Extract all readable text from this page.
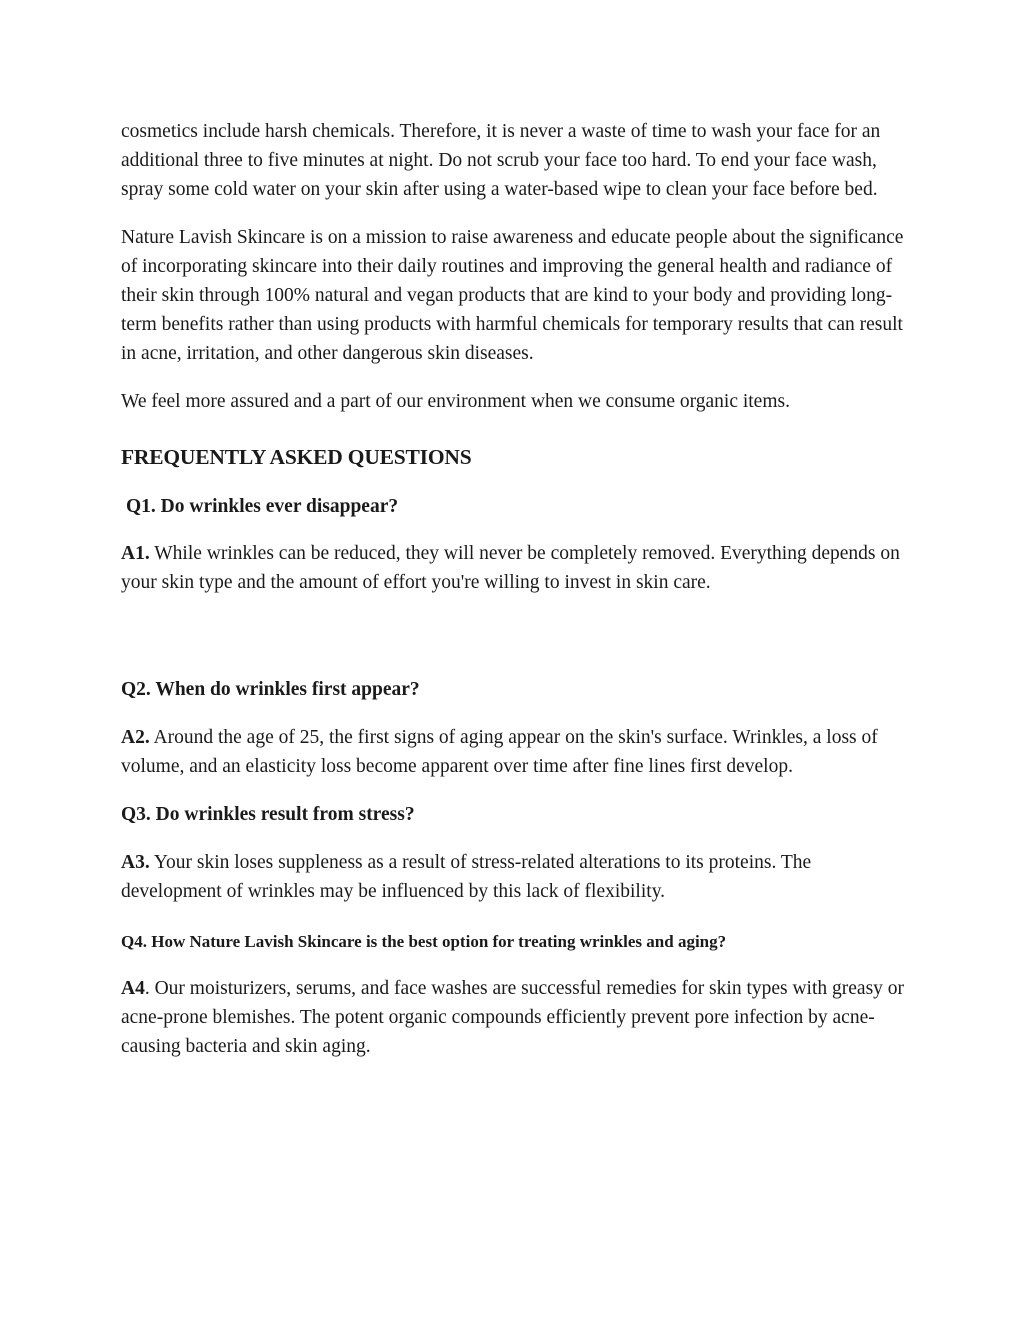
cosmetics include harsh chemicals. Therefore, it is never a waste of time to wash your face for an additional three to five minutes at night. Do not scrub your face too hard. To end your face wash, spray some cold water on your skin after using a water-based wipe to clean your face before bed.

Nature Lavish Skincare is on a mission to raise awareness and educate people about the significance of incorporating skincare into their daily routines and improving the general health and radiance of their skin through 100% natural and vegan products that are kind to your body and providing long-term benefits rather than using products with harmful chemicals for temporary results that can result in acne, irritation, and other dangerous skin diseases.

We feel more assured and a part of our environment when we consume organic items.

FREQUENTLY ASKED QUESTIONS

Q1. Do wrinkles ever disappear?

A1. While wrinkles can be reduced, they will never be completely removed. Everything depends on your skin type and the amount of effort you're willing to invest in skin care.

Q2. When do wrinkles first appear?

A2. Around the age of 25, the first signs of aging appear on the skin's surface. Wrinkles, a loss of volume, and an elasticity loss become apparent over time after fine lines first develop.

Q3. Do wrinkles result from stress?

A3. Your skin loses suppleness as a result of stress-related alterations to its proteins. The development of wrinkles may be influenced by this lack of flexibility.

Q4. How Nature Lavish Skincare is the best option for treating wrinkles and aging?

A4. Our moisturizers, serums, and face washes are successful remedies for skin types with greasy or acne-prone blemishes. The potent organic compounds efficiently prevent pore infection by acne-causing bacteria and skin aging.
